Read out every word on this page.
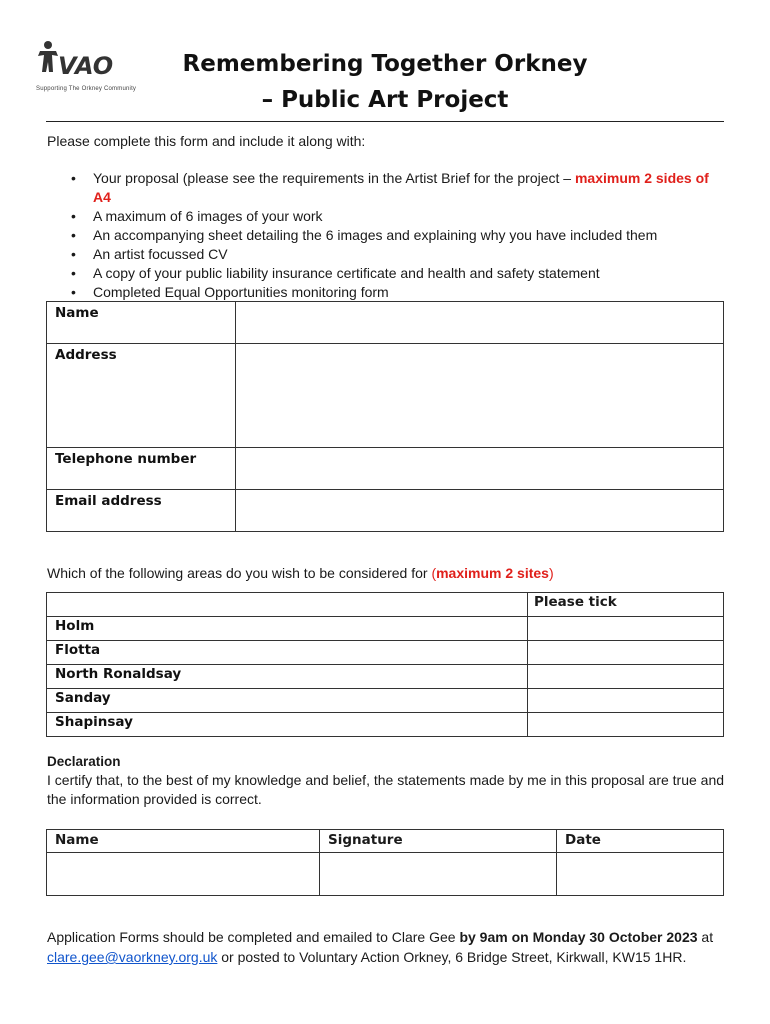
VAO
Supporting The Orkney Community
Remembering Together Orkney
– Public Art Project
Please complete this form and include it along with:
• Your proposal (please see the requirements in the Artist Brief for the project – maximum 2 sides of A4
• A maximum of 6 images of your work
• An accompanying sheet detailing the 6 images and explaining why you have included them
• An artist focussed CV
• A copy of your public liability insurance certificate and health and safety statement
• Completed Equal Opportunities monitoring form
Name	
Address	
Telephone number	
Email address	
Which of the following areas do you wish to be considered for (maximum 2 sites)
	Please tick
Holm	
Flotta	
North Ronaldsay	
Sanday	
Shapinsay	
Declaration
I certify that, to the best of my knowledge and belief, the statements made by me in this proposal are true and the information provided is correct.
Name	Signature	Date

Application Forms should be completed and emailed to Clare Gee by 9am on Monday 30 October 2023 at clare.gee@vaorkney.org.uk or posted to Voluntary Action Orkney, 6 Bridge Street, Kirkwall, KW15 1HR.
